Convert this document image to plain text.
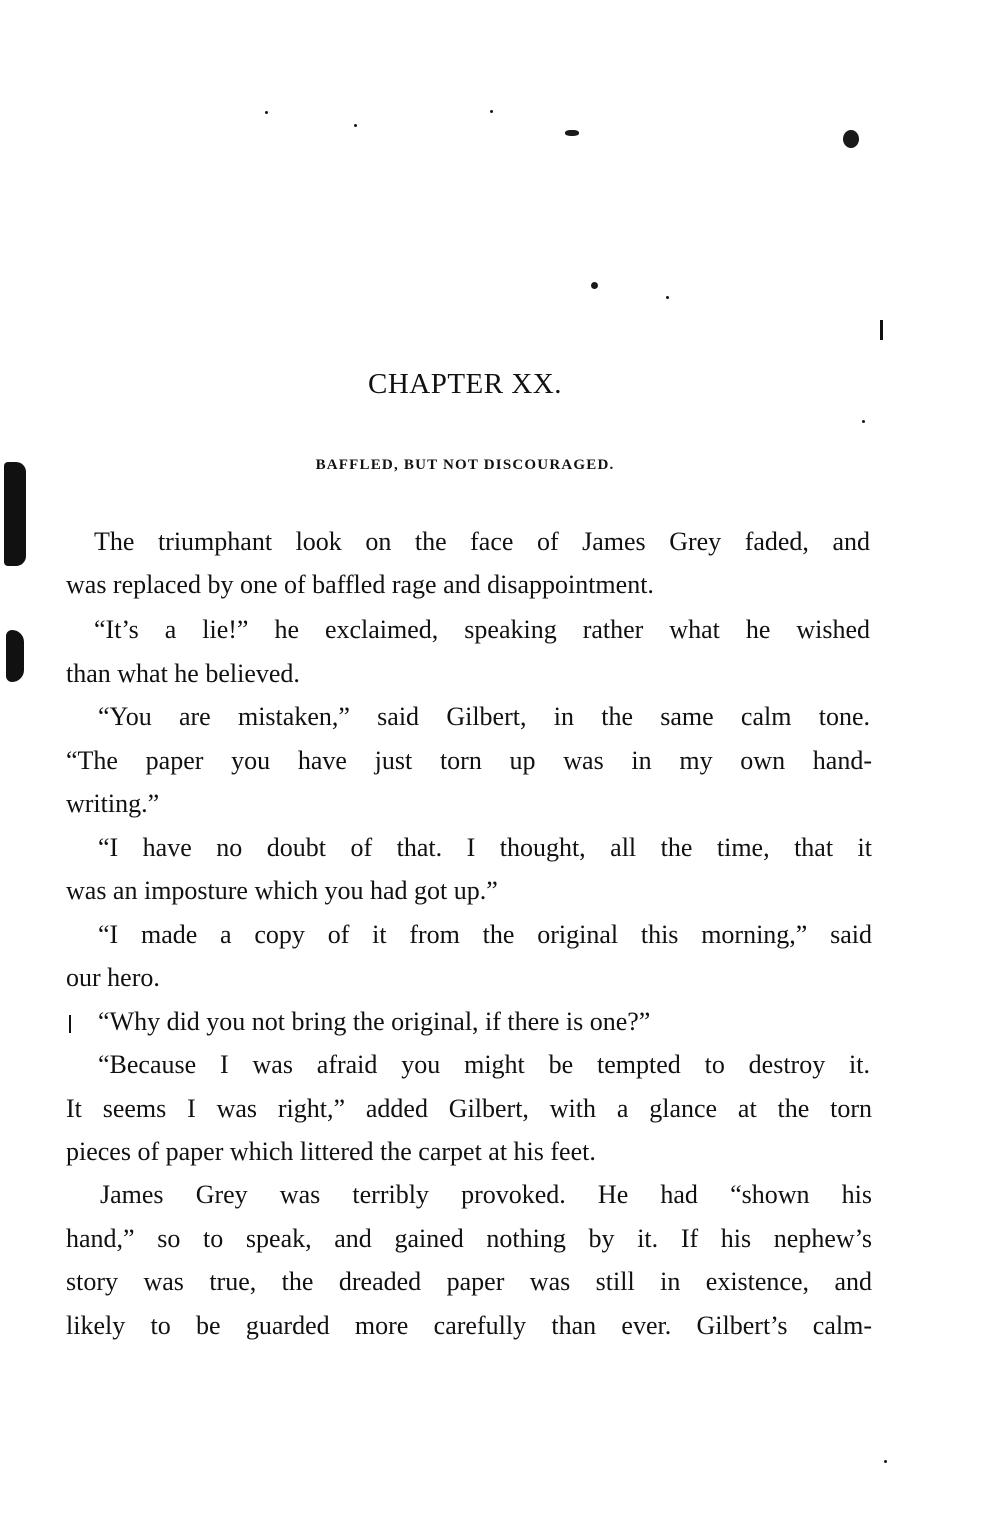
CHAPTER XX.
BAFFLED, BUT NOT DISCOURAGED.
The triumphant look on the face of James Grey faded, and
was replaced by one of baffled rage and disappointment.
“It’s a lie!” he exclaimed, speaking rather what he wished
than what he believed.
“You are mistaken,” said Gilbert, in the same calm tone.
“The paper you have just torn up was in my own hand-
writing.”
“I have no doubt of that. I thought, all the time, that it
was an imposture which you had got up.”
“I made a copy of it from the original this morning,” said
our hero.
“Why did you not bring the original, if there is one?”
“Because I was afraid you might be tempted to destroy it.
It seems I was right,” added Gilbert, with a glance at the torn
pieces of paper which littered the carpet at his feet.
James Grey was terribly provoked. He had “shown his
hand,” so to speak, and gained nothing by it. If his nephew’s
story was true, the dreaded paper was still in existence, and
likely to be guarded more carefully than ever. Gilbert’s calm-
